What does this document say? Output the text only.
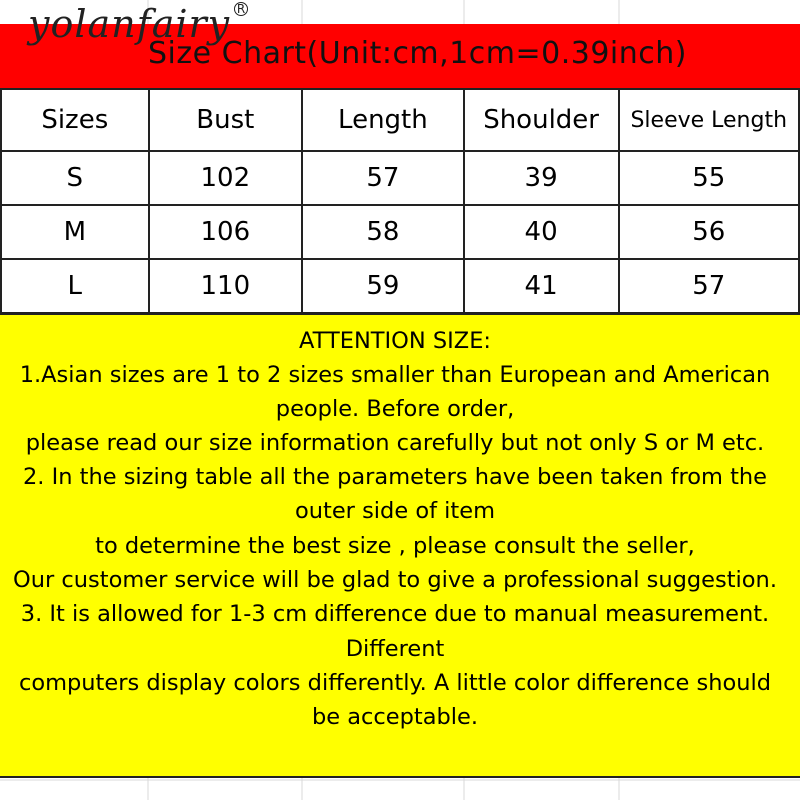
yolanfairy R
Size Chart(Unit:cm,1cm=0.39inch)
Sizes	Bust	Length	Shoulder	Sleeve Length
S	102	57	39	55
M	106	58	40	56
L	110	59	41	57
ATTENTION SIZE:
1.Asian sizes are 1 to 2 sizes smaller than European and American
people. Before order,
please read our size information carefully but not only S or M etc.
2. In the sizing table all the parameters have been taken from the
outer side of item
to determine the best size , please consult the seller,
Our customer service will be glad to give a professional suggestion.
3. It is allowed for 1-3 cm difference due to manual measurement.
Different
computers display colors differently. A little color difference should
be acceptable.
